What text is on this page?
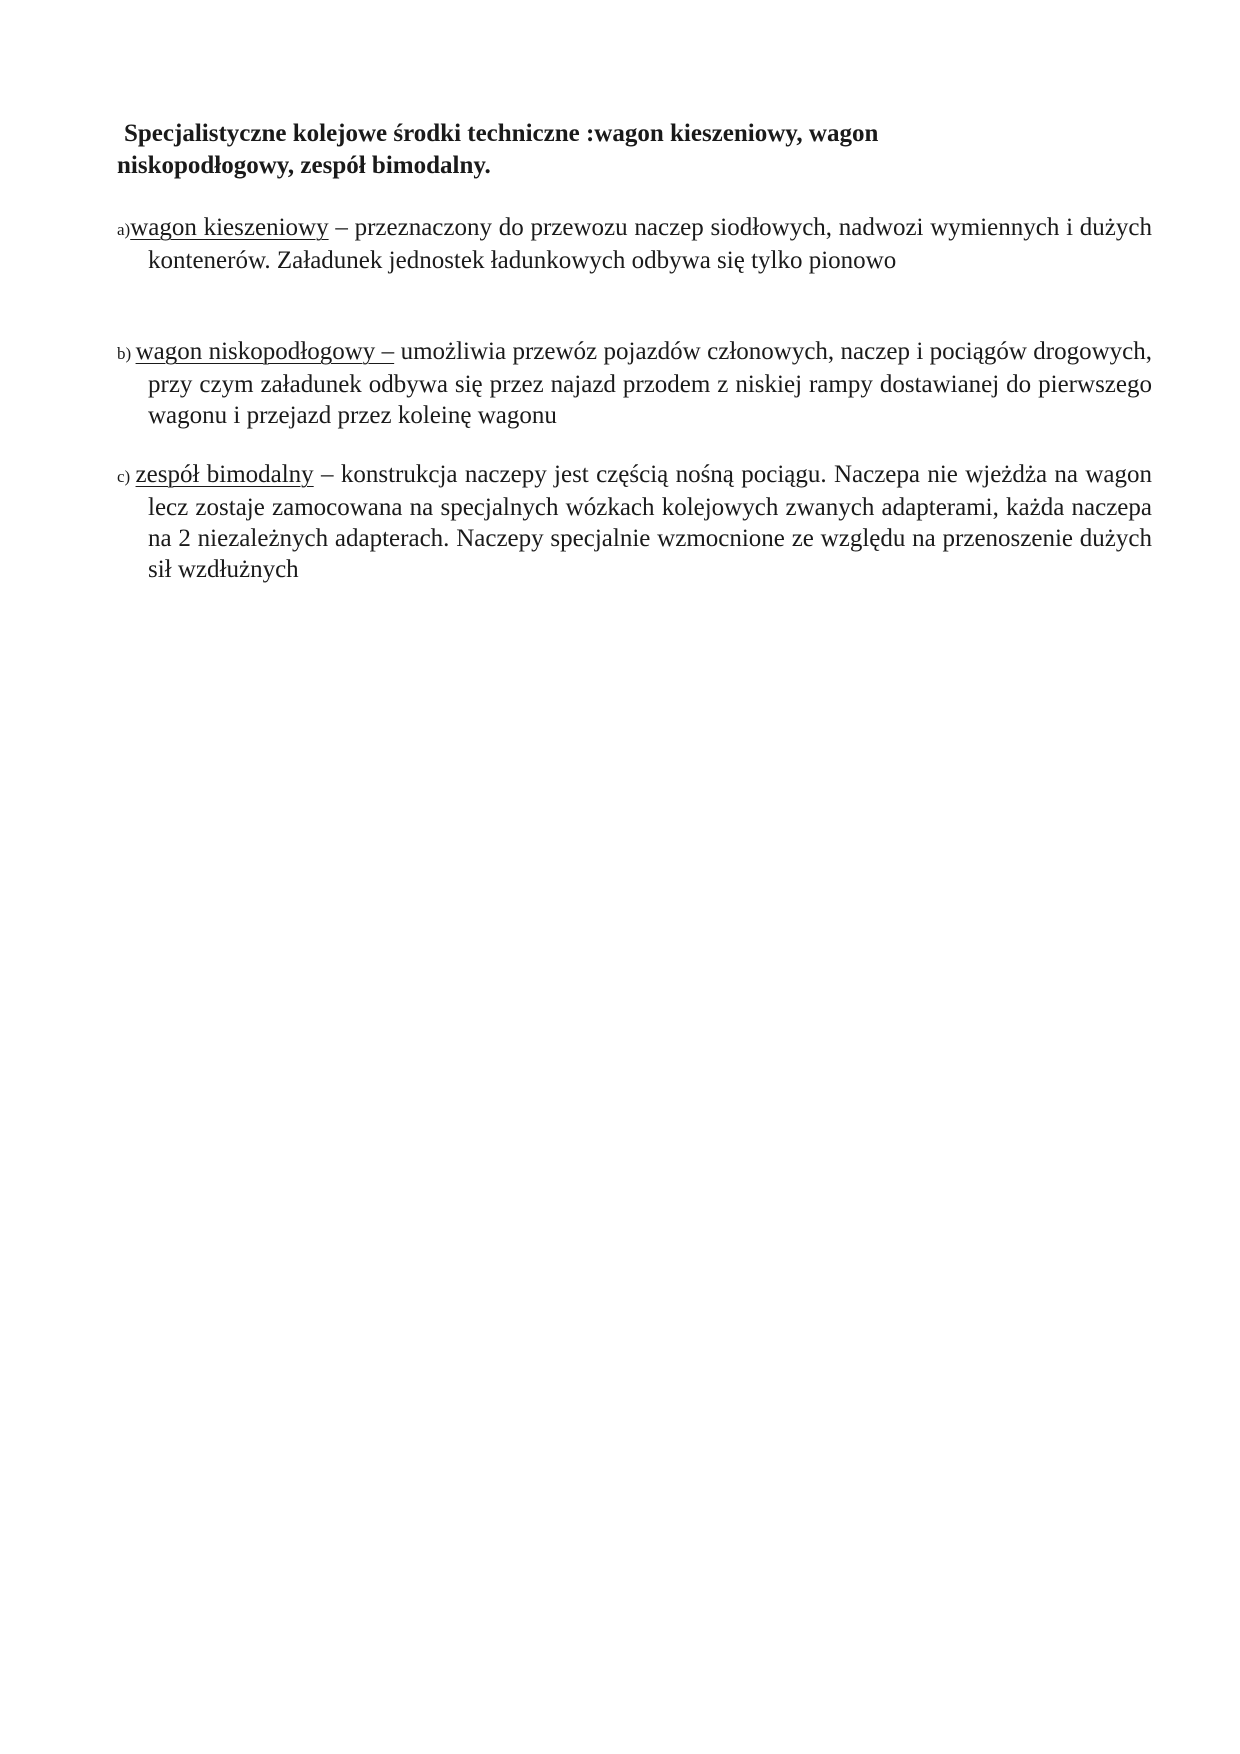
Specjalistyczne kolejowe środki techniczne :wagon kieszeniowy, wagon
niskopodłogowy, zespół bimodalny.

a)wagon kieszeniowy – przeznaczony do przewozu naczep siodłowych, nadwozi wymiennych i dużych kontenerów. Załadunek jednostek ładunkowych odbywa się tylko pionowo

b) wagon niskopodłogowy – umożliwia przewóz pojazdów członowych, naczep i pociągów drogowych, przy czym załadunek odbywa się przez najazd przodem z niskiej rampy dostawianej do pierwszego wagonu i przejazd przez koleinę wagonu

c) zespół bimodalny – konstrukcja naczepy jest częścią nośną pociągu. Naczepa nie wjeżdża na wagon lecz zostaje zamocowana na specjalnych wózkach kolejowych zwanych adapterami, każda naczepa na 2 niezależnych adapterach. Naczepy specjalnie wzmocnione ze względu na przenoszenie dużych sił wzdłużnych
